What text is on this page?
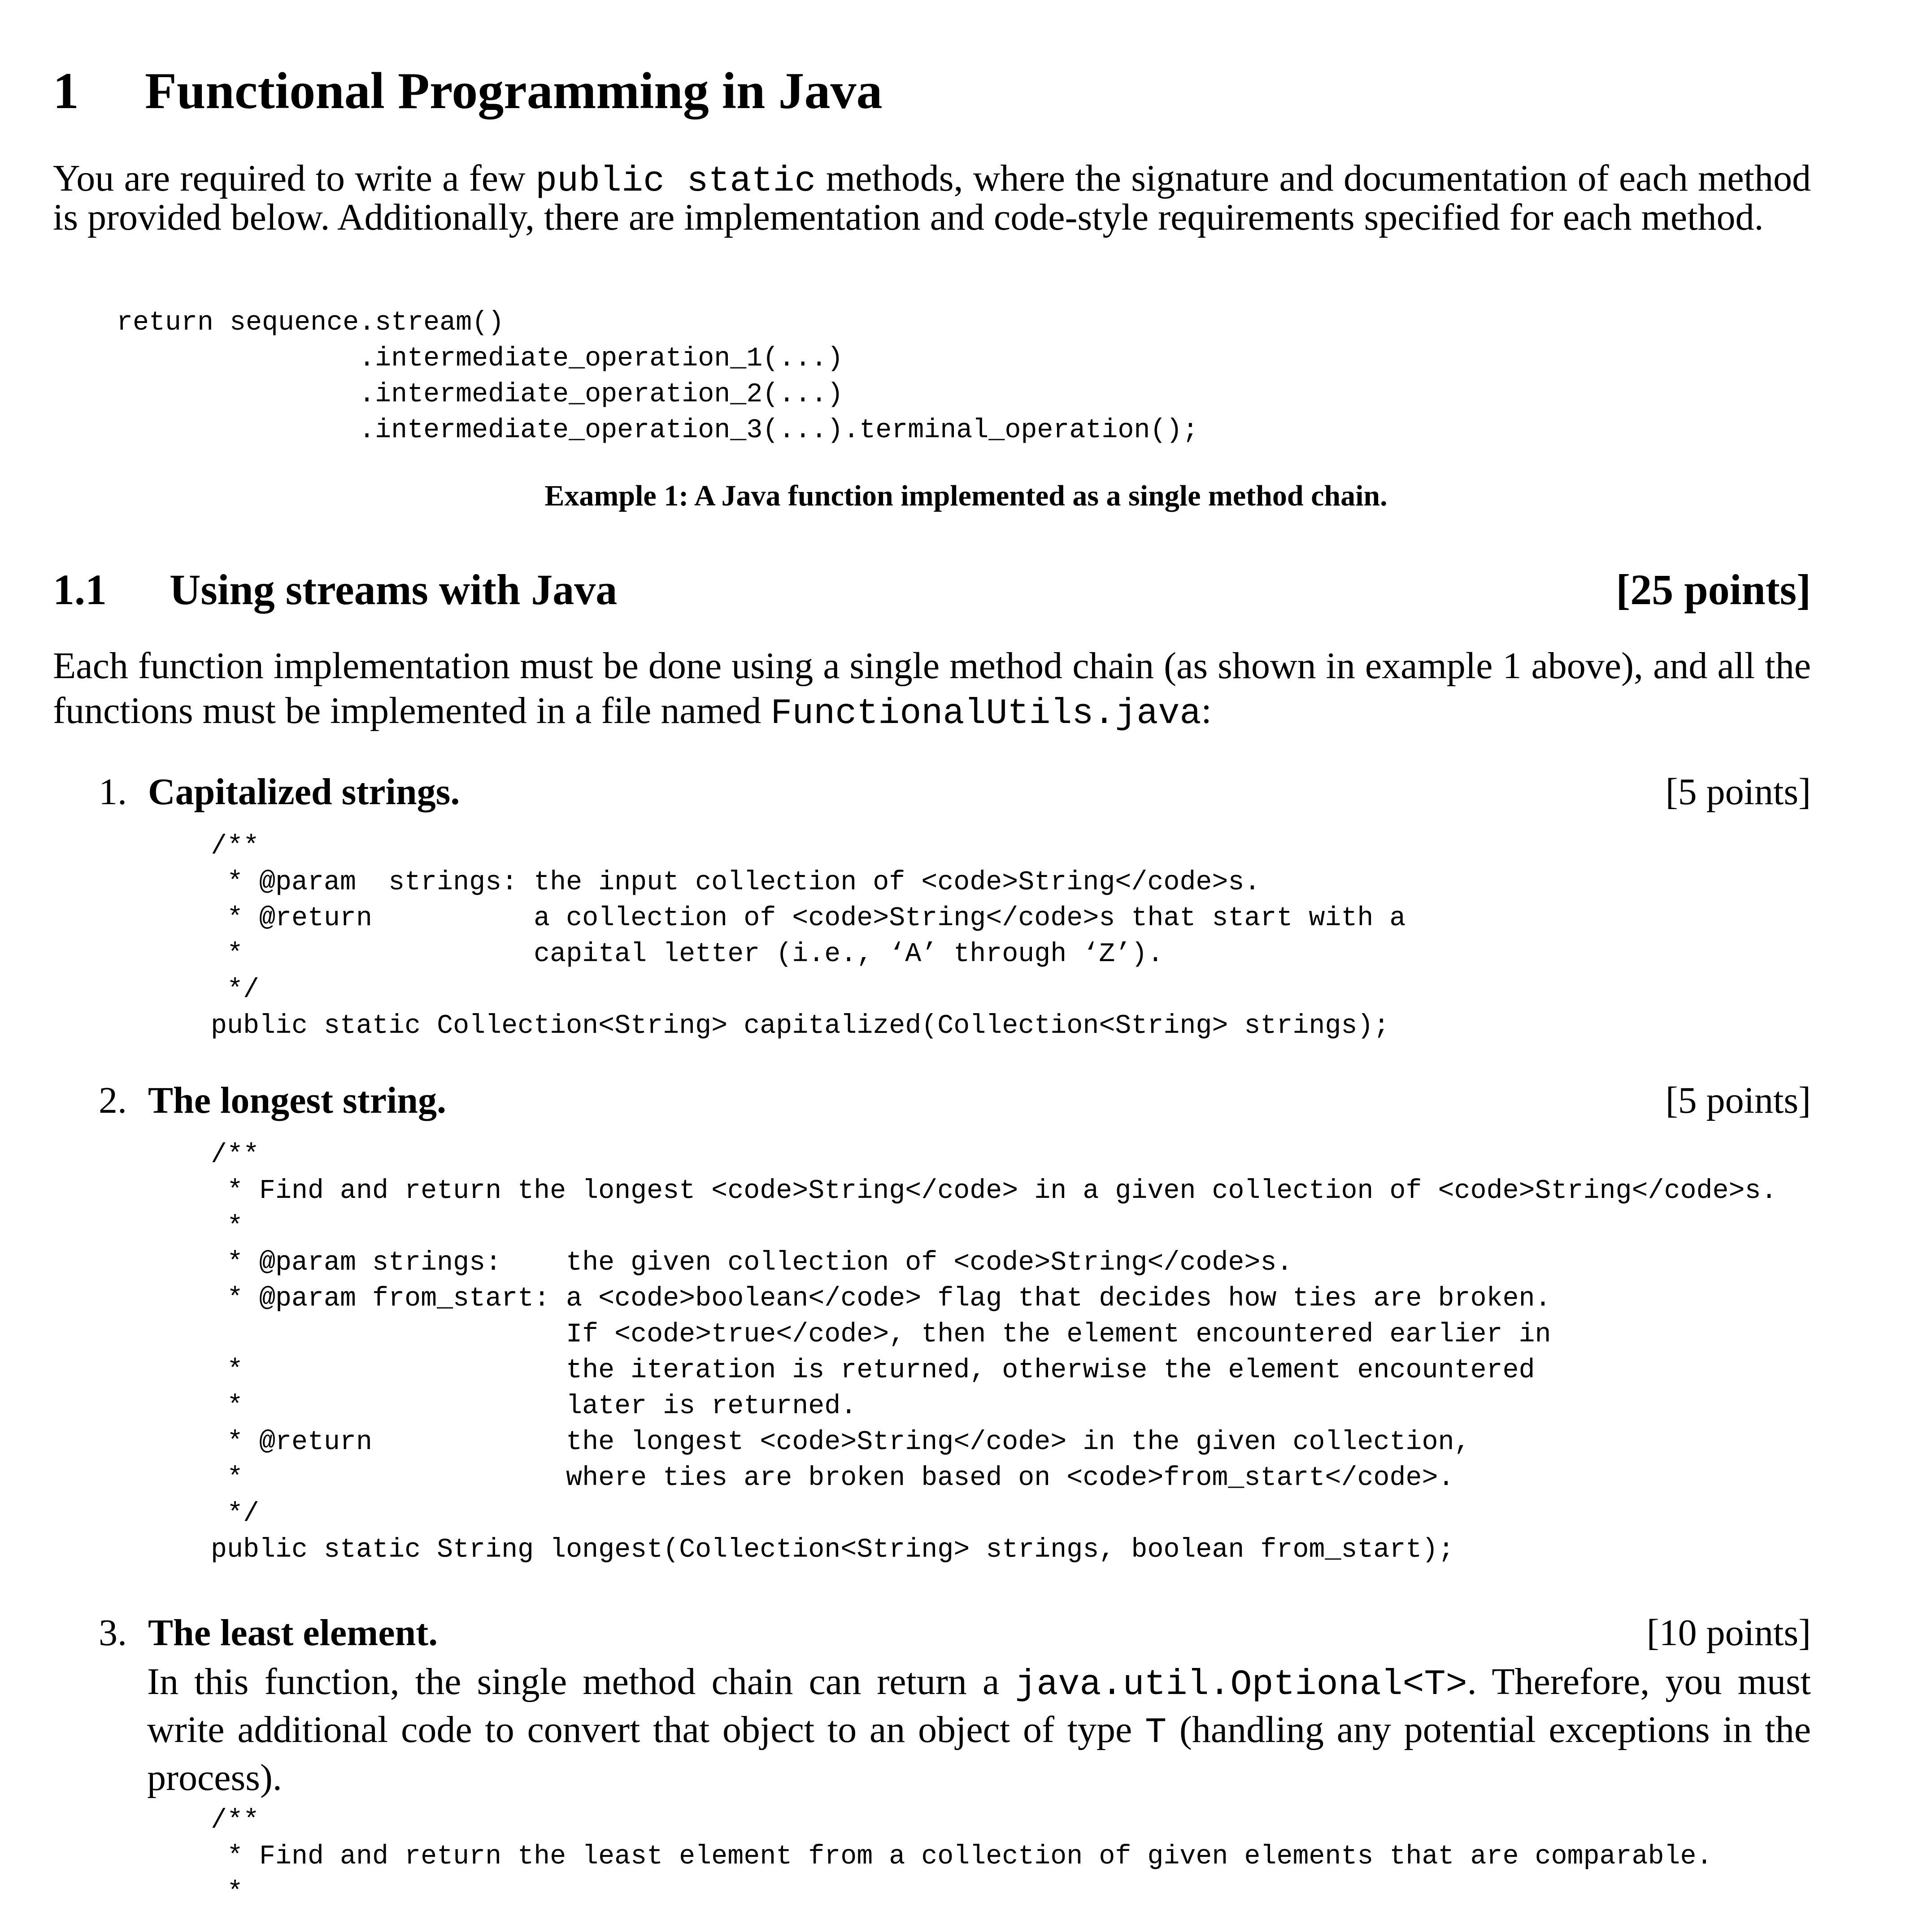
1 Functional Programming in Java

You are required to write a few public static methods, where the signature and documentation of each method is provided below. Additionally, there are implementation and code-style requirements specified for each method.

return sequence.stream()
.intermediate_operation_1(...)
.intermediate_operation_2(...)
.intermediate_operation_3(...).terminal_operation();
Example 1: A Java function implemented as a single method chain.
1.1 Using streams with Java	[25 points]

Each function implementation must be done using a single method chain (as shown in example 1 above), and all the functions must be implemented in a file named FunctionalUtils.java:

1. Capitalized strings.	[5 points]
/**
* @param  strings: the input collection of <code>String</code>s.
* @return          a collection of <code>String</code>s that start with a
*                  capital letter (i.e., ‘A’ through ‘Z’).
*/
public static Collection<String> capitalized(Collection<String> strings);
2. The longest string.	[5 points]
/**
* Find and return the longest <code>String</code> in a given collection of <code>String</code>s.
*
* @param strings:    the given collection of <code>String</code>s.
* @param from_start: a <code>boolean</code> flag that decides how ties are broken.
If <code>true</code>, then the element encountered earlier in
*                    the iteration is returned, otherwise the element encountered
*                    later is returned.
* @return            the longest <code>String</code> in the given collection,
*                    where ties are broken based on <code>from_start</code>.
*/
public static String longest(Collection<String> strings, boolean from_start);
3. The least element.	[10 points]

In this function, the single method chain can return a java.util.Optional<T>. Therefore, you must write additional code to convert that object to an object of type T (handling any potential exceptions in the process).

/**
* Find and return the least element from a collection of given elements that are comparable.
*
